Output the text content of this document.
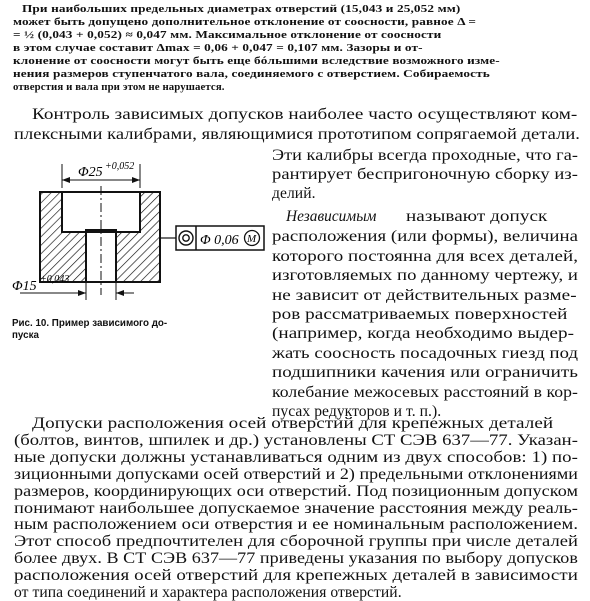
При наибольших предельных диаметрах отверстий (15,043 и 25,052 мм)
может быть допущено дополнительное отклонение от соосности, равное Δ =
= ½ (0,043 + 0,052) ≈ 0,047 мм. Максимальное отклонение от соосности
в этом случае составит Δmax = 0,06 + 0,047 = 0,107 мм. Зазоры и от-
клонение от соосности могут быть еще бóльшими вследствие возможного изме-
нения размеров ступенчатого вала, соединяемого с отверстием. Собираемость
отверстия и вала при этом не нарушается.
Контроль зависимых допусков наиболее часто осуществляют ком-
плексными калибрами, являющимися прототипом сопрягаемой детали.
Эти калибры всегда проходные, что га-
рантирует беспригоночную сборку из-
делий.
Независимым называют допуск
расположения (или формы), величина
которого постоянна для всех деталей,
изготовляемых по данному чертежу, и
не зависит от действительных разме-
ров рассматриваемых поверхностей
(например, когда необходимо выдер-
жать соосность посадочных гиезд под
подшипники качения или ограничить
колебание межосевых расстояний в кор-
пусах редукторов и т. п.).
Φ25 +0,052
Φ 0,06 M
Φ15 +0,043
Рис. 10. Пример зависимого до-
пуска
Допуски расположения осей отверстий для крепежных деталей
(болтов, винтов, шпилек и др.) установлены СТ СЭВ 637—77. Указан-
ные допуски должны устанавливаться одним из двух способов: 1) по-
зиционными допусками осей отверстий и 2) предельными отклонениями
размеров, координирующих оси отверстий. Под позиционным допуском
понимают наибольшее допускаемое значение расстояния между реаль-
ным расположением оси отверстия и ее номинальным расположением.
Этот способ предпочтителен для сборочной группы при числе деталей
более двух. В СТ СЭВ 637—77 приведены указания по выбору допусков
расположения осей отверстий для крепежных деталей в зависимости
от типа соединений и характера расположения отверстий.
